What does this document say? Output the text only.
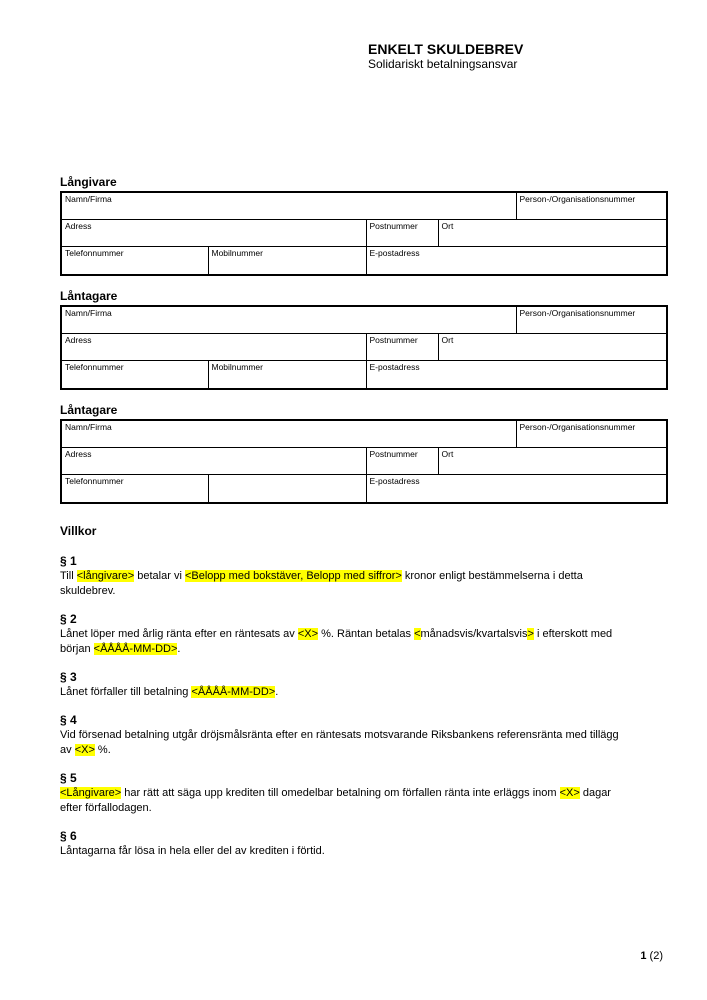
ENKELT SKULDEBREV
Solidariskt betalningsansvar
Långivare
Namn/Firma				Person-/Organisationsnummer
Adress		Postnummer	Ort	
Telefonnummer	Mobilnummer	E-postadress		
Låntagare
Namn/Firma				Person-/Organisationsnummer
Adress		Postnummer	Ort	
Telefonnummer	Mobilnummer	E-postadress		
Låntagare
Namn/Firma				Person-/Organisationsnummer
Adress		Postnummer	Ort	
Telefonnummer		E-postadress		
Villkor
§ 1

Till <långivare> betalar vi <Belopp med bokstäver, Belopp med siffror> kronor enligt bestämmelserna i detta
skuldebrev.

§ 2

Lånet löper med årlig ränta efter en räntesats av <X> %. Räntan betalas <månadsvis/kvartalsvis> i efterskott med
början <ÅÅÅÅ-MM-DD>.

§ 3

Lånet förfaller till betalning <ÅÅÅÅ-MM-DD>.

§ 4

Vid försenad betalning utgår dröjsmålsränta efter en räntesats motsvarande Riksbankens referensränta med tillägg
av <X> %.

§ 5

<Långivare> har rätt att säga upp krediten till omedelbar betalning om förfallen ränta inte erläggs inom <X> dagar
efter förfallodagen.

§ 6

Låntagarna får lösa in hela eller del av krediten i förtid.

1 (2)
